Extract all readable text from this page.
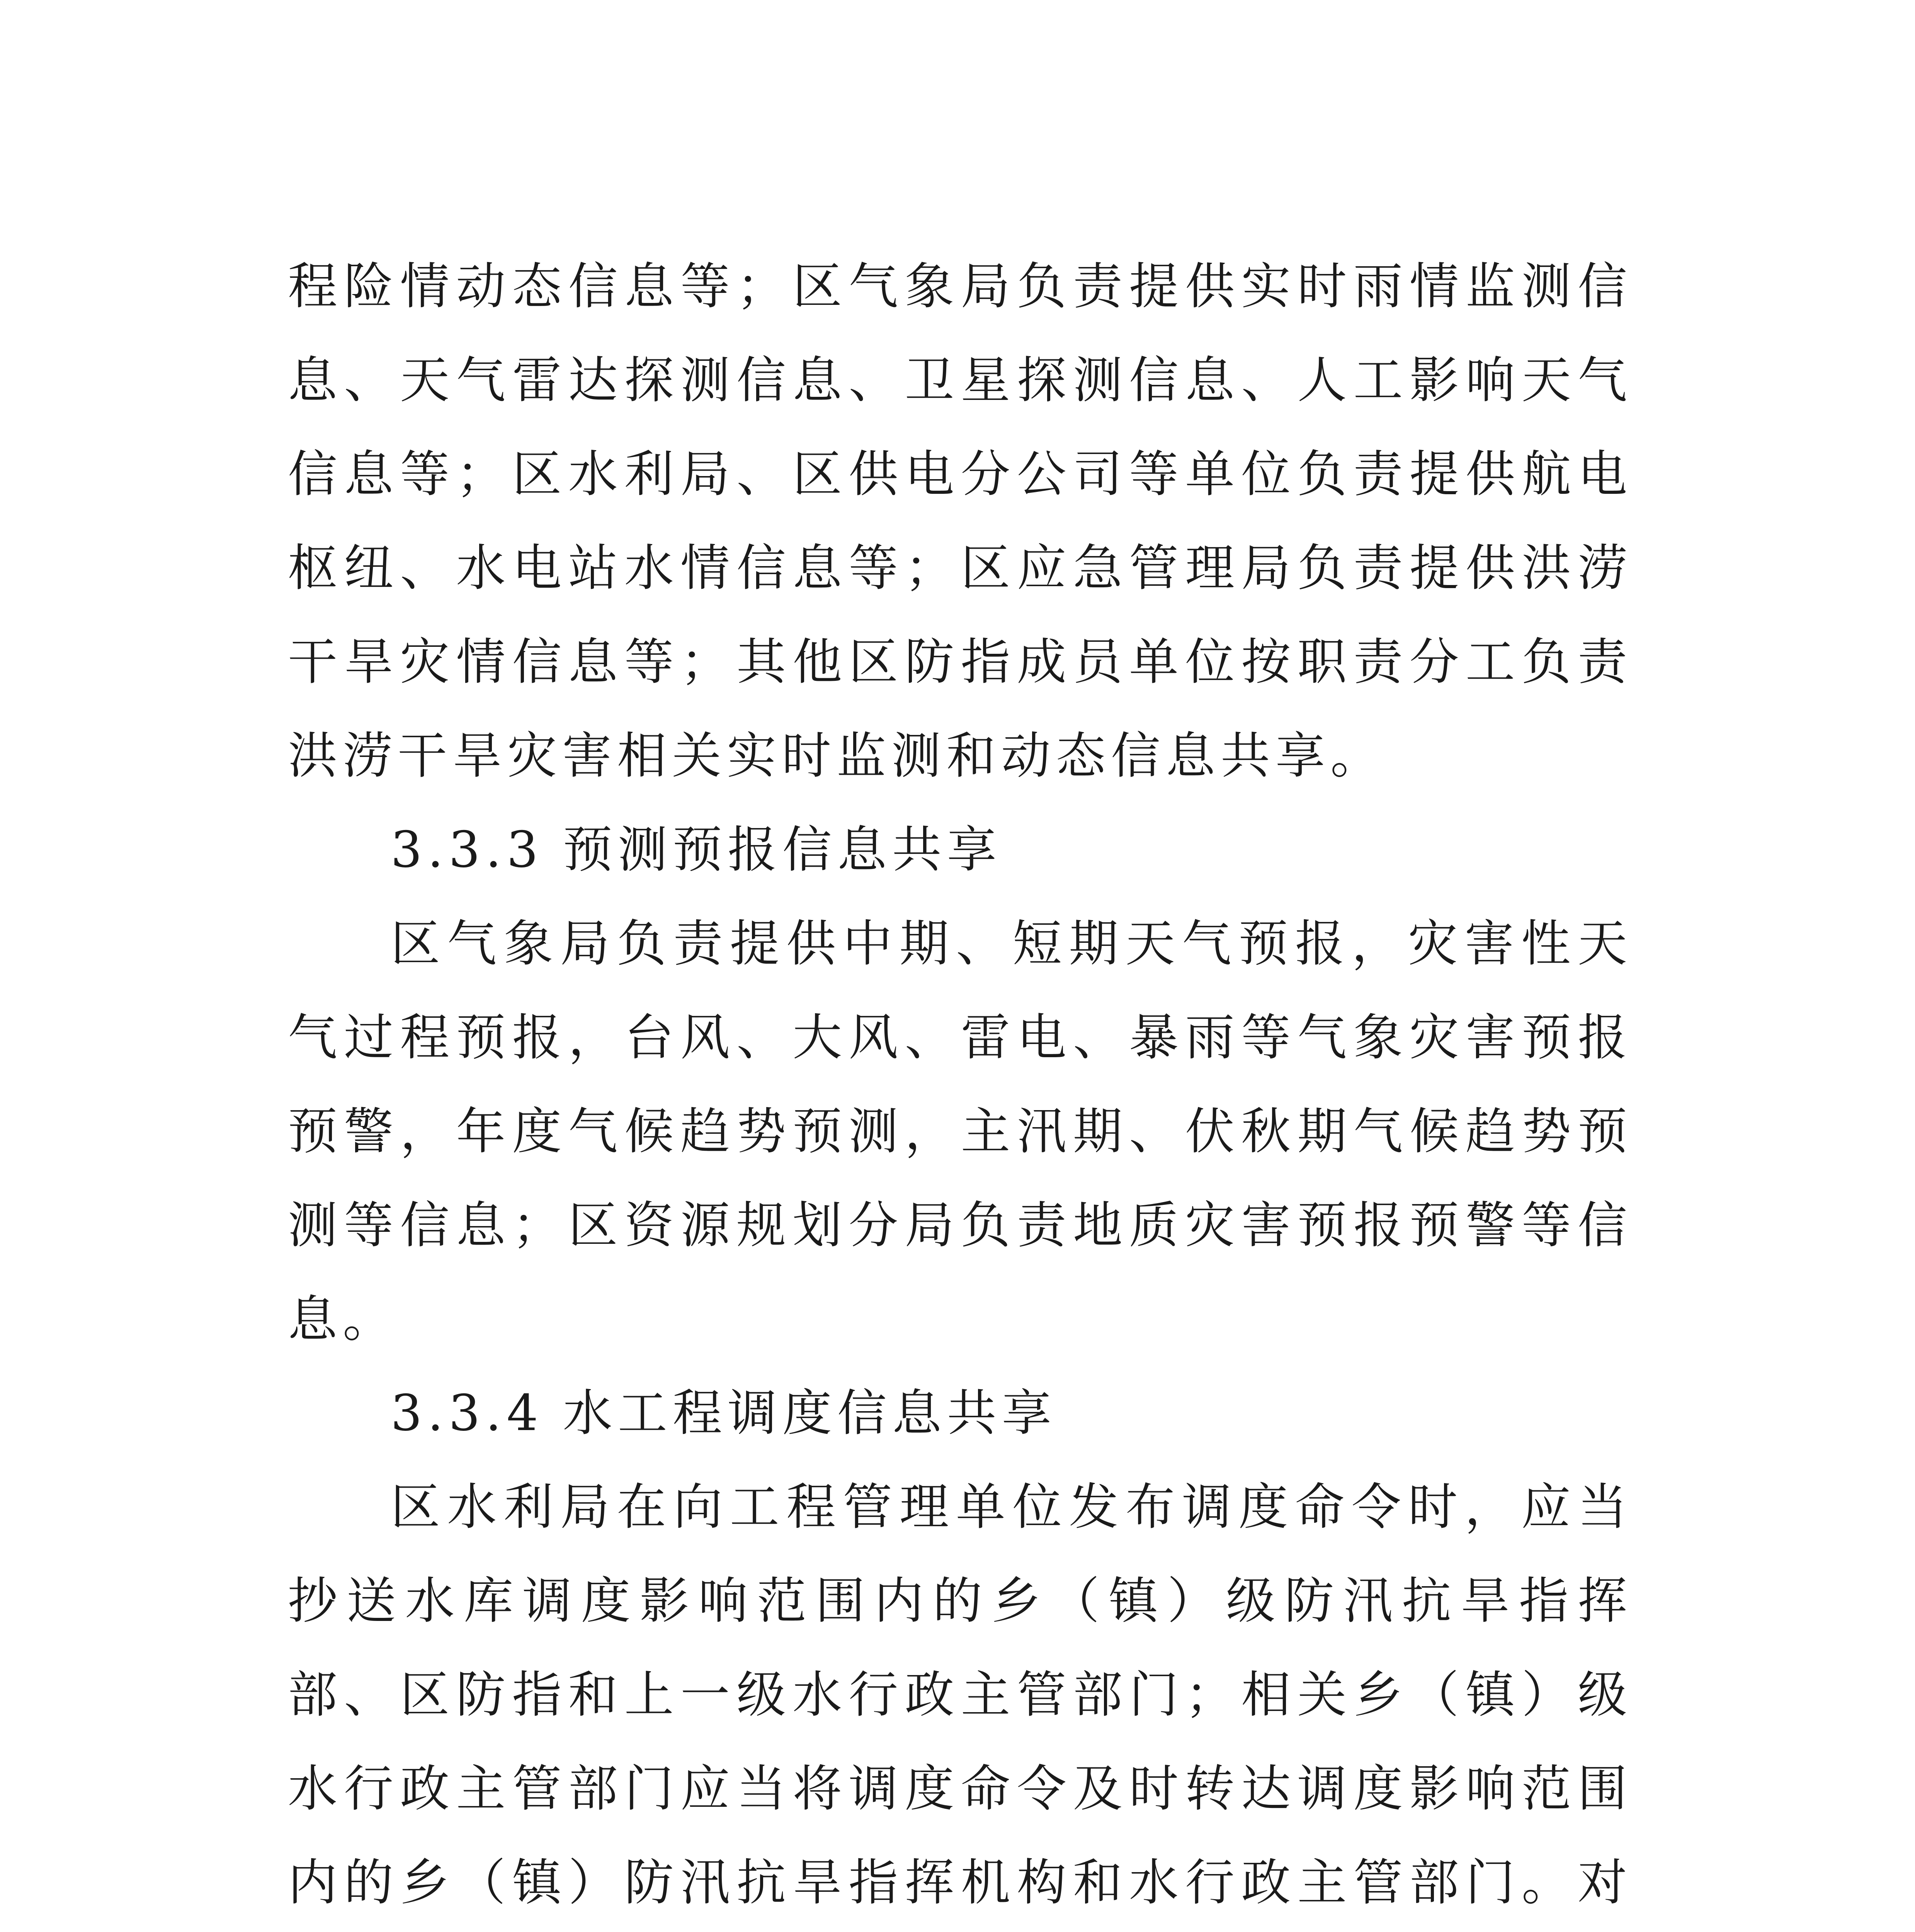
程险情动态信息等；区气象局负责提供实时雨情监测信息、天气雷达探测信息、卫星探测信息、人工影响天气信息等；区水利局、区供电分公司等单位负责提供航电枢纽、水电站水情信息等；区应急管理局负责提供洪涝干旱灾情信息等；其他区防指成员单位按职责分工负责洪涝干旱灾害相关实时监测和动态信息共享。

3.3.3 预测预报信息共享

区气象局负责提供中期、短期天气预报，灾害性天气过程预报，台风、大风、雷电、暴雨等气象灾害预报预警，年度气候趋势预测，主汛期、伏秋期气候趋势预测等信息；区资源规划分局负责地质灾害预报预警等信息。

3.3.4 水工程调度信息共享

区水利局在向工程管理单位发布调度命令时，应当抄送水库调度影响范围内的乡（镇）级防汛抗旱指挥部、区防指和上一级水行政主管部门；相关乡（镇）级水行政主管部门应当将调度命令及时转达调度影响范围内的乡（镇）防汛抗旱指挥机构和水行政主管部门。对
